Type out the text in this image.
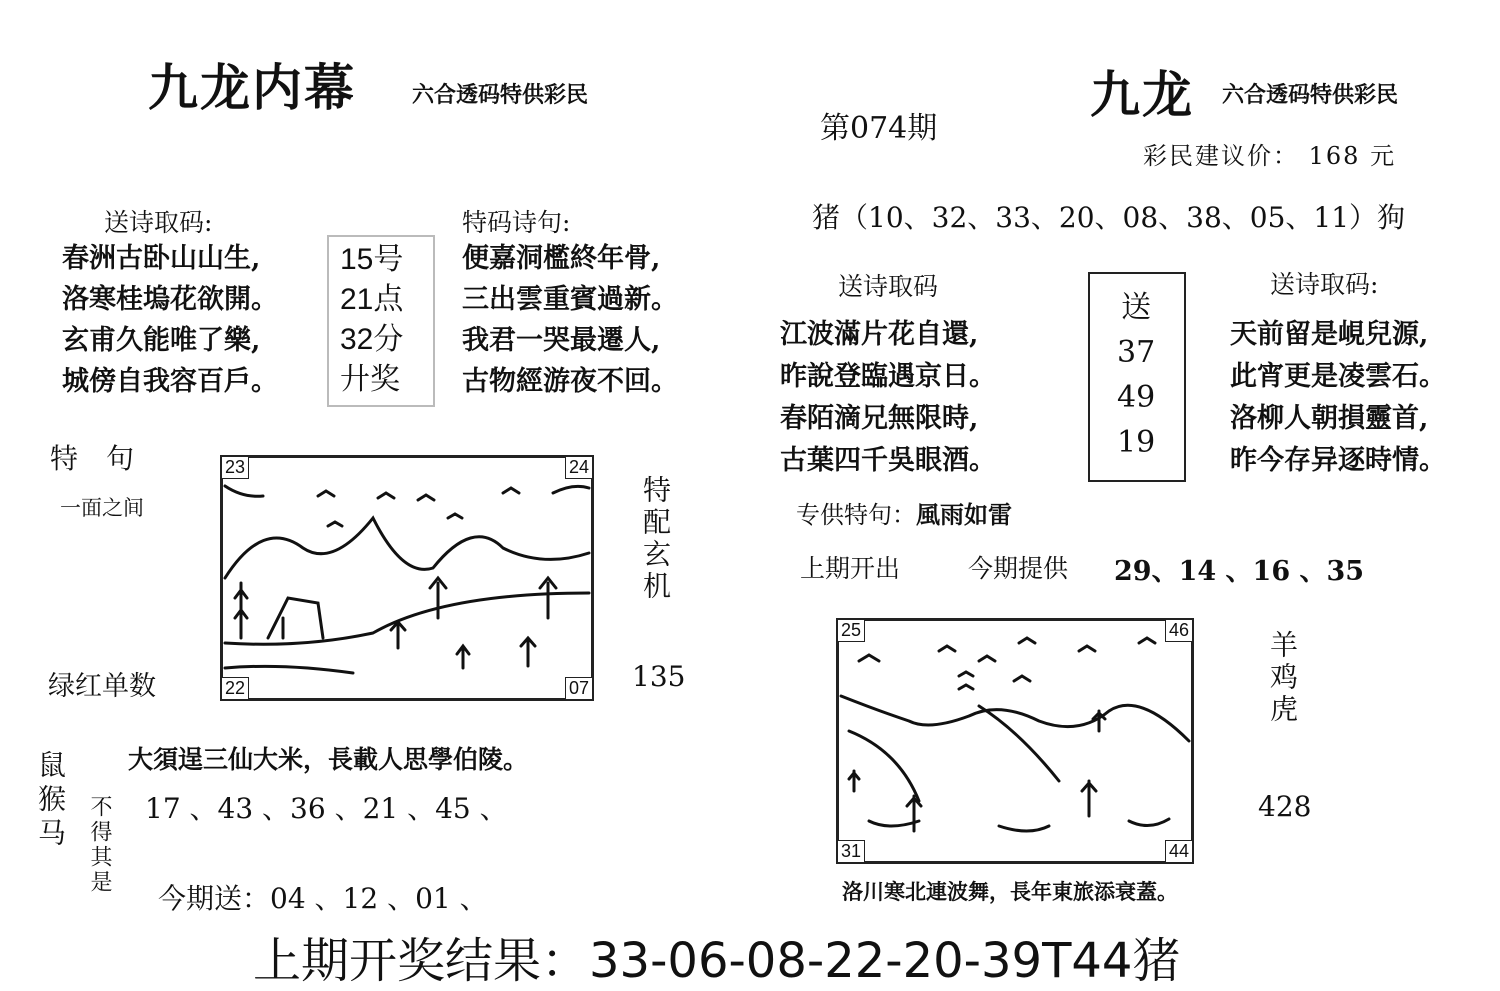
九龙内幕	六合透码特供彩民
送诗取码:
春洲古卧山山生,
洛寒桂塢花欲開。
玄甫久能唯了樂,
城傍自我容百戶。
15号
21点
32分
廾奖
特码诗句:
便嘉洞檻終年骨,
三出雲重賓過新。
我君一哭最遷人,
古物經游夜不回。
特　句
一面之间
绿红单数
23	24
22	07
特配玄机
135
大須逞三仙大米，長載人思學伯陵。
鼠猴马 不得其是 17 、43 、36 、21 、45 、
今期送：04 、12 、01 、
第074期
九龙 六合透码特供彩民
彩民建议价： 168 元
猪（10、32、33、20、08、38、05、11）狗
送诗取码
江波滿片花自還,
昨說登臨遇京日。
春陌滴兄無限時,
古葉四千吳眼酒。
送
37
49
19
送诗取码:
天前留是峴兒源,
此宵更是凌雲石。
洛柳人朝損靈首,
昨今存异逐時情。
专供特句：風雨如雷
上期开出	今期提供 29、14 、16 、35
25	46
31	44
羊鸡虎
428
洛川寒北連波舞，長年東旅添衰蓋。
上期开奖结果：33-06-08-22-20-39T44猪
